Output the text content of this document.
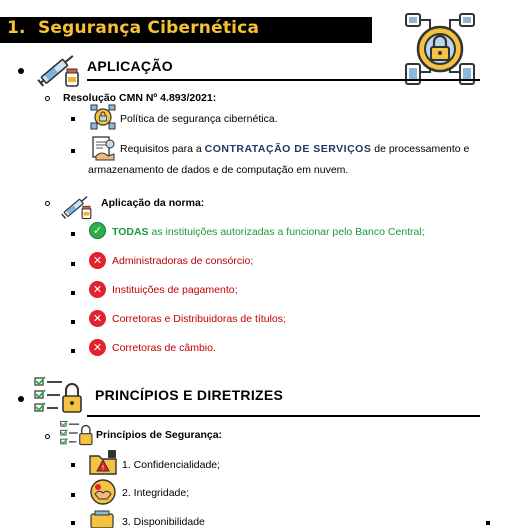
1. Segurança Cibernética
APLICAÇÃO
Resolução CMN Nº 4.893/2021:
Política de segurança cibernética.
Requisitos para a CONTRATAÇÃO DE SERVIÇOS de processamento e
armazenamento de dados e de computação em nuvem.
Aplicação da norma:
✓ TODAS as instituições autorizadas a funcionar pelo Banco Central;
✕ Administradoras de consórcio;
✕ Instituições de pagamento;
✕ Corretoras e Distribuidoras de títulos;
✕ Corretoras de câmbio.
PRINCÍPIOS E DIRETRIZES
Princípios de Segurança:
! 1. Confidencialidade;
2. Integridade;
3. Disponibilidade
